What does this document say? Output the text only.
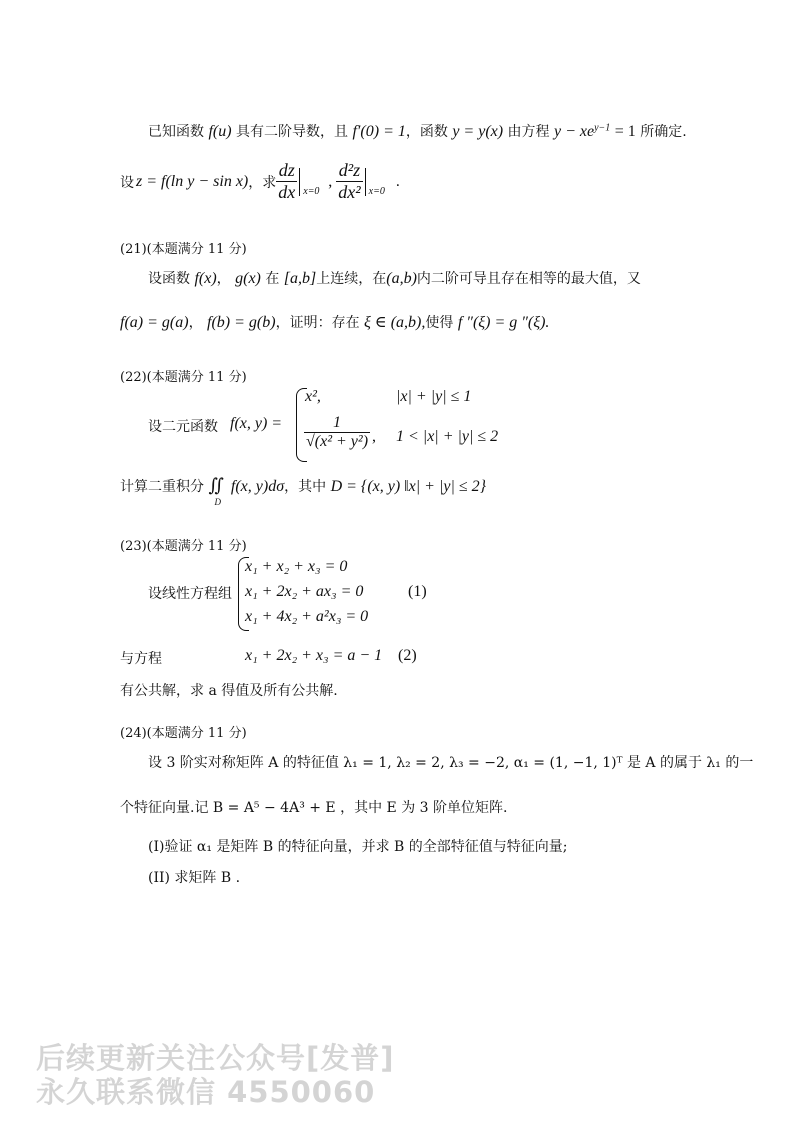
已知函数 f(u) 具有二阶导数，且 f′(0) = 1，函数 y = y(x) 由方程 $y - xe^{y-1} = 1$ 所确定.
设 z = f(ln y − sin x) ，求 $\frac{dz}{dx} x=0$
, $\frac{\text{d²z}}{\text{dx²}} x=0$
.
(21)(本题满分 11 分)
设函数 f(x)， g(x) 在 [a,b]上连续，在(a,b)内二阶可导且存在相等的最大值，又
f(a) = g(a)， f(b) = g(b)，证明：存在 ξ ∈ (a,b),使得 f ″(ξ) = g ″(ξ).
(22)(本题满分 11 分)
设二元函数 f(x, y) =
x²,	|x| + |y| ≤ 1
$\frac{1}{\text{√(x² + y²)}}$ , 1 < |x| + |y| ≤ 2
计算二重积分 ∬
D
f(x, y)dσ，其中 D = {(x, y) ‖x| + |y| ≤ 2}
(23)(本题满分 11 分)
设线性方程组
x₁ + x₂ + x₃ = 0
x₁ + 2x₂ + ax₃ = 0
x₁ + 4x₂ + a²x₃ = 0
(1)
与方程	x₁ + 2x₂ + x₃ = a − 1 (2)
有公共解，求 a 得值及所有公共解.
(24)(本题满分 11 分)
设 3 阶实对称矩阵 A 的特征值 λ₁ = 1, λ₂ = 2, λ₃ = −2, α₁ = (1, −1, 1)ᵀ 是 A 的属于 λ₁ 的一
个特征向量.记 B = A⁵ − 4A³ + E ，其中 E 为 3 阶单位矩阵.
(I)验证 α₁ 是矩阵 B 的特征向量，并求 B 的全部特征值与特征向量;
(II) 求矩阵 B .
后续更新关注公众号[发普]
永久联系微信 4550060
